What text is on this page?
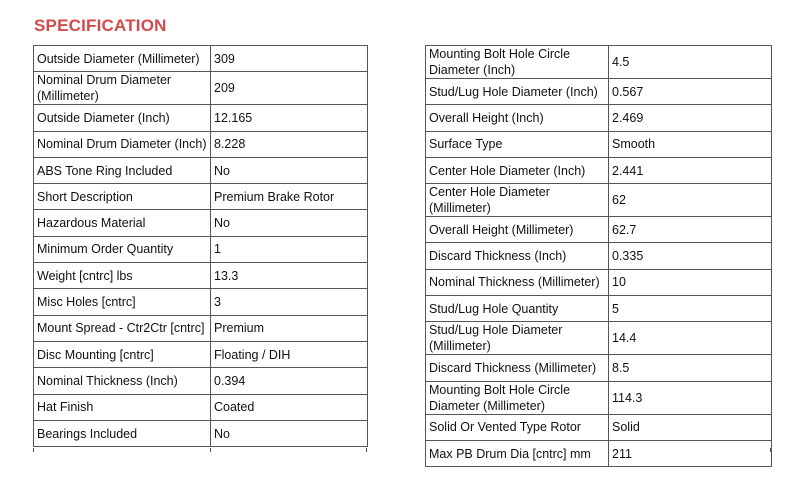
SPECIFICATION
Outside Diameter (Millimeter)	309
Nominal Drum Diameter (Millimeter)	209
Outside Diameter (Inch)	12.165
Nominal Drum Diameter (Inch)	8.228
ABS Tone Ring Included	No
Short Description	Premium Brake Rotor
Hazardous Material	No
Minimum Order Quantity	1
Weight [cntrc] lbs	13.3
Misc Holes [cntrc]	3
Mount Spread - Ctr2Ctr [cntrc]	Premium
Disc Mounting [cntrc]	Floating / DIH
Nominal Thickness (Inch)	0.394
Hat Finish	Coated
Bearings Included	No
Mounting Bolt Hole Circle Diameter (Inch)	4.5
Stud/Lug Hole Diameter (Inch)	0.567
Overall Height (Inch)	2.469
Surface Type	Smooth
Center Hole Diameter (Inch)	2.441
Center Hole Diameter (Millimeter)	62
Overall Height (Millimeter)	62.7
Discard Thickness (Inch)	0.335
Nominal Thickness (Millimeter)	10
Stud/Lug Hole Quantity	5
Stud/Lug Hole Diameter (Millimeter)	14.4
Discard Thickness (Millimeter)	8.5
Mounting Bolt Hole Circle Diameter (Millimeter)	114.3
Solid Or Vented Type Rotor	Solid
Max PB Drum Dia [cntrc] mm	211
